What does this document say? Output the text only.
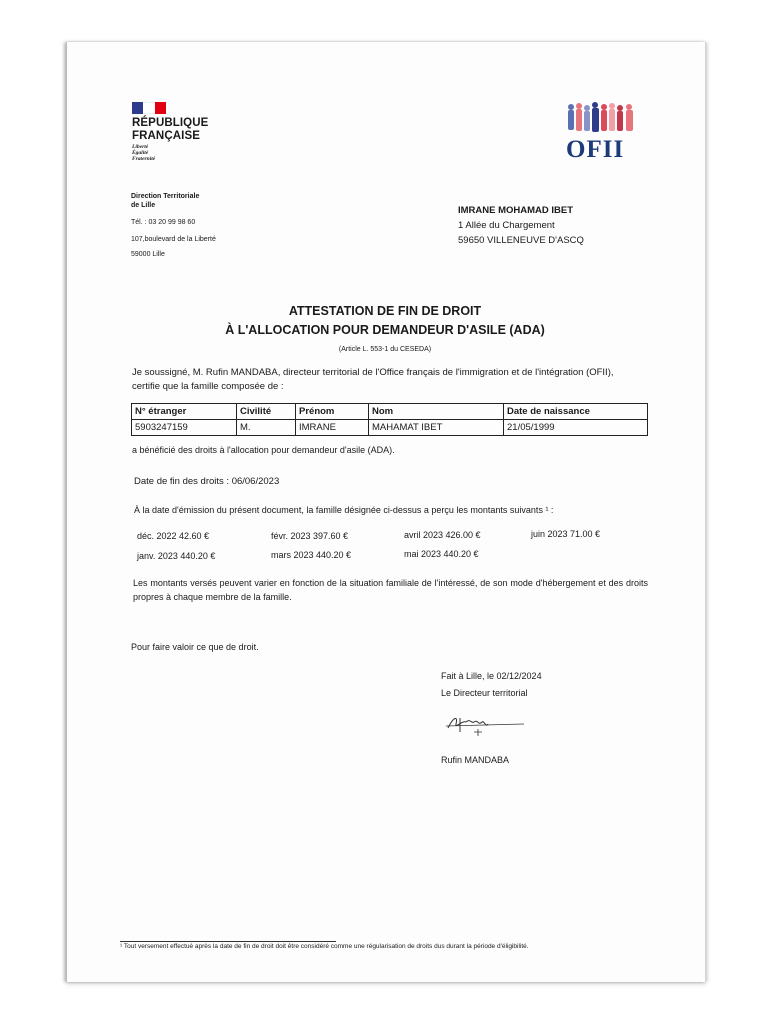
RÉPUBLIQUE
FRANÇAISE
Liberté
Égalité
Fraternité	OFII
Direction Territoriale
de Lille
Tél. : 03 20 99 98 60
107,boulevard de la Liberté
59000 Lille
IMRANE MOHAMAD IBET
1 Allée du Chargement
59650 VILLENEUVE D'ASCQ
ATTESTATION DE FIN DE DROIT
À L'ALLOCATION POUR DEMANDEUR D'ASILE (ADA)
(Article L. 553-1 du CESEDA)
Je soussigné, M. Rufin MANDABA, directeur territorial de l'Office français de l'immigration et de l'intégration (OFII), certifie que la famille composée de :
N° étranger	Civilité	Prénom	Nom	Date de naissance
5903247159	M.	IMRANE	MAHAMAT IBET	21/05/1999
a bénéficié des droits à l'allocation pour demandeur d'asile (ADA).
Date de fin des droits : 06/06/2023
À la date d'émission du présent document, la famille désignée ci-dessus a perçu les montants suivants ¹ :
déc. 2022 42.60 €	févr. 2023 397.60 €	avril 2023 426.00 €	juin 2023 71.00 €
janv. 2023 440.20 €	mars 2023 440.20 €	mai 2023 440.20 €
Les montants versés peuvent varier en fonction de la situation familiale de l'intéressé, de son mode d'hébergement et des droits propres à chaque membre de la famille.
Pour faire valoir ce que de droit.
Fait à Lille, le 02/12/2024
Le Directeur territorial
Rufin MANDABA
¹ Tout versement effectué après la date de fin de droit doit être considéré comme une régularisation de droits dus durant la période d'éligibilité.
